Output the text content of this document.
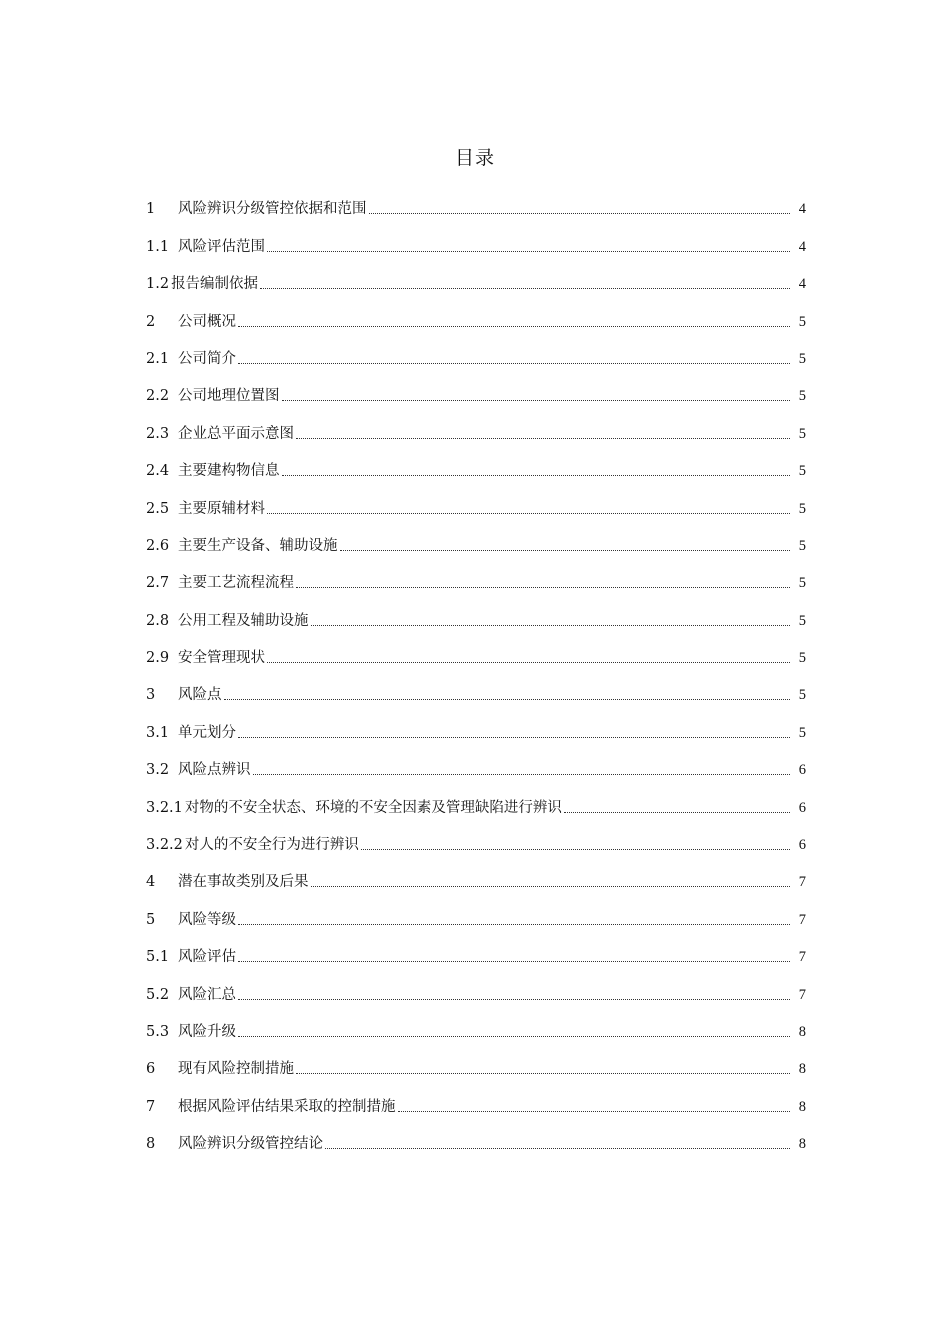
目录
1	风险辨识分级管控依据和范围	4
1.1 风险评估范围	4
1.2 报告编制依据	4
2	公司概况	5
2.1 公司简介	5
2.2 公司地理位置图	5
2.3 企业总平面示意图	5
2.4 主要建构物信息	5
2.5 主要原辅材料	5
2.6 主要生产设备、辅助设施	5
2.7 主要工艺流程流程	5
2.8 公用工程及辅助设施	5
2.9 安全管理现状	5
3	风险点	5
3.1 单元划分	5
3.2 风险点辨识	6
3.2.1 对物的不安全状态、环境的不安全因素及管理缺陷进行辨识	6
3.2.2 对人的不安全行为进行辨识	6
4	潜在事故类别及后果	7
5	风险等级	7
5.1 风险评估	7
5.2 风险汇总	7
5.3 风险升级	8
6	现有风险控制措施	8
7	根据风险评估结果采取的控制措施	8
8	风险辨识分级管控结论	8
